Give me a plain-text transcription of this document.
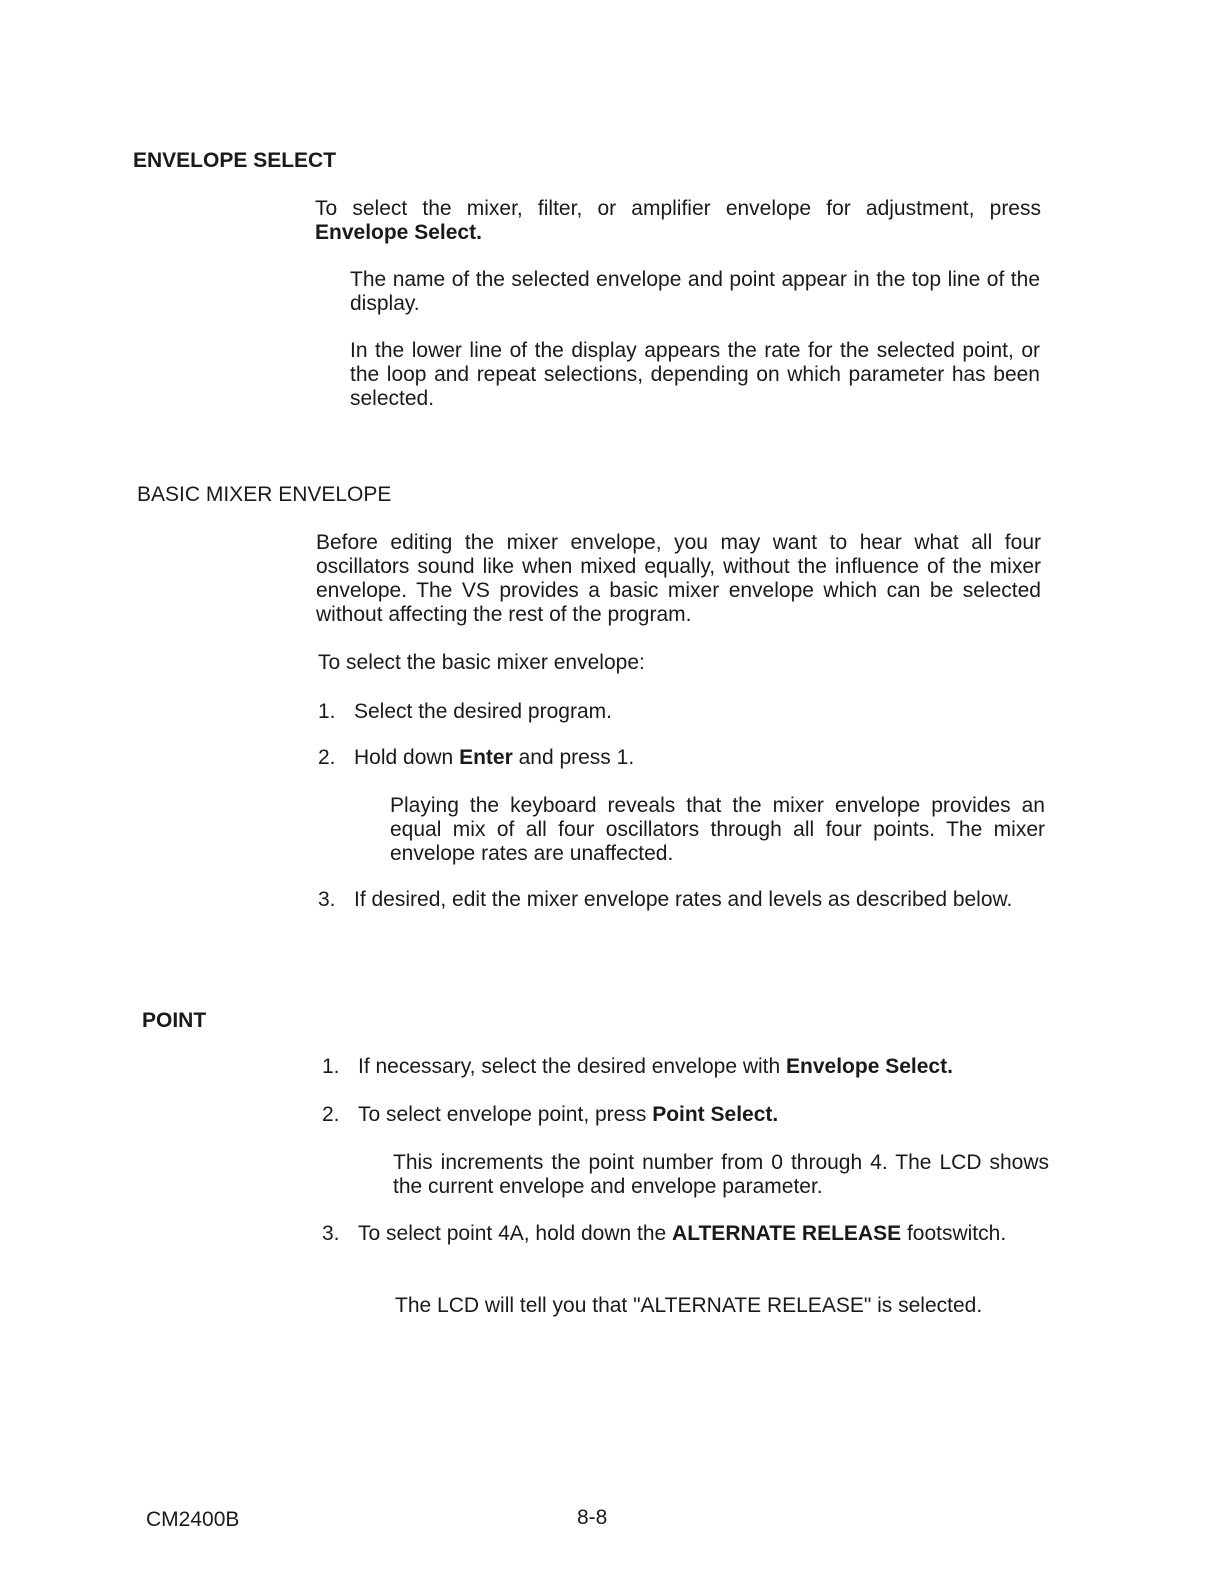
ENVELOPE SELECT
To select the mixer, filter, or amplifier envelope for adjustment, press Envelope Select.
The name of the selected envelope and point appear in the top line of the display.
In the lower line of the display appears the rate for the selected point, or the loop and repeat selections, depending on which parameter has been selected.
BASIC MIXER ENVELOPE
Before editing the mixer envelope, you may want to hear what all four oscillators sound like when mixed equally, without the influence of the mixer envelope. The VS provides a basic mixer envelope which can be selected without affecting the rest of the program.
To select the basic mixer envelope:
1. Select the desired program.
2. Hold down Enter and press 1.
Playing the keyboard reveals that the mixer envelope provides an equal mix of all four oscillators through all four points. The mixer envelope rates are unaffected.
3. If desired, edit the mixer envelope rates and levels as described below.
POINT
1. If necessary, select the desired envelope with Envelope Select.
2. To select envelope point, press Point Select.
This increments the point number from 0 through 4. The LCD shows the current envelope and envelope parameter.
3. To select point 4A, hold down the ALTERNATE RELEASE footswitch.
The LCD will tell you that "ALTERNATE RELEASE" is selected.
CM2400B	8-8
